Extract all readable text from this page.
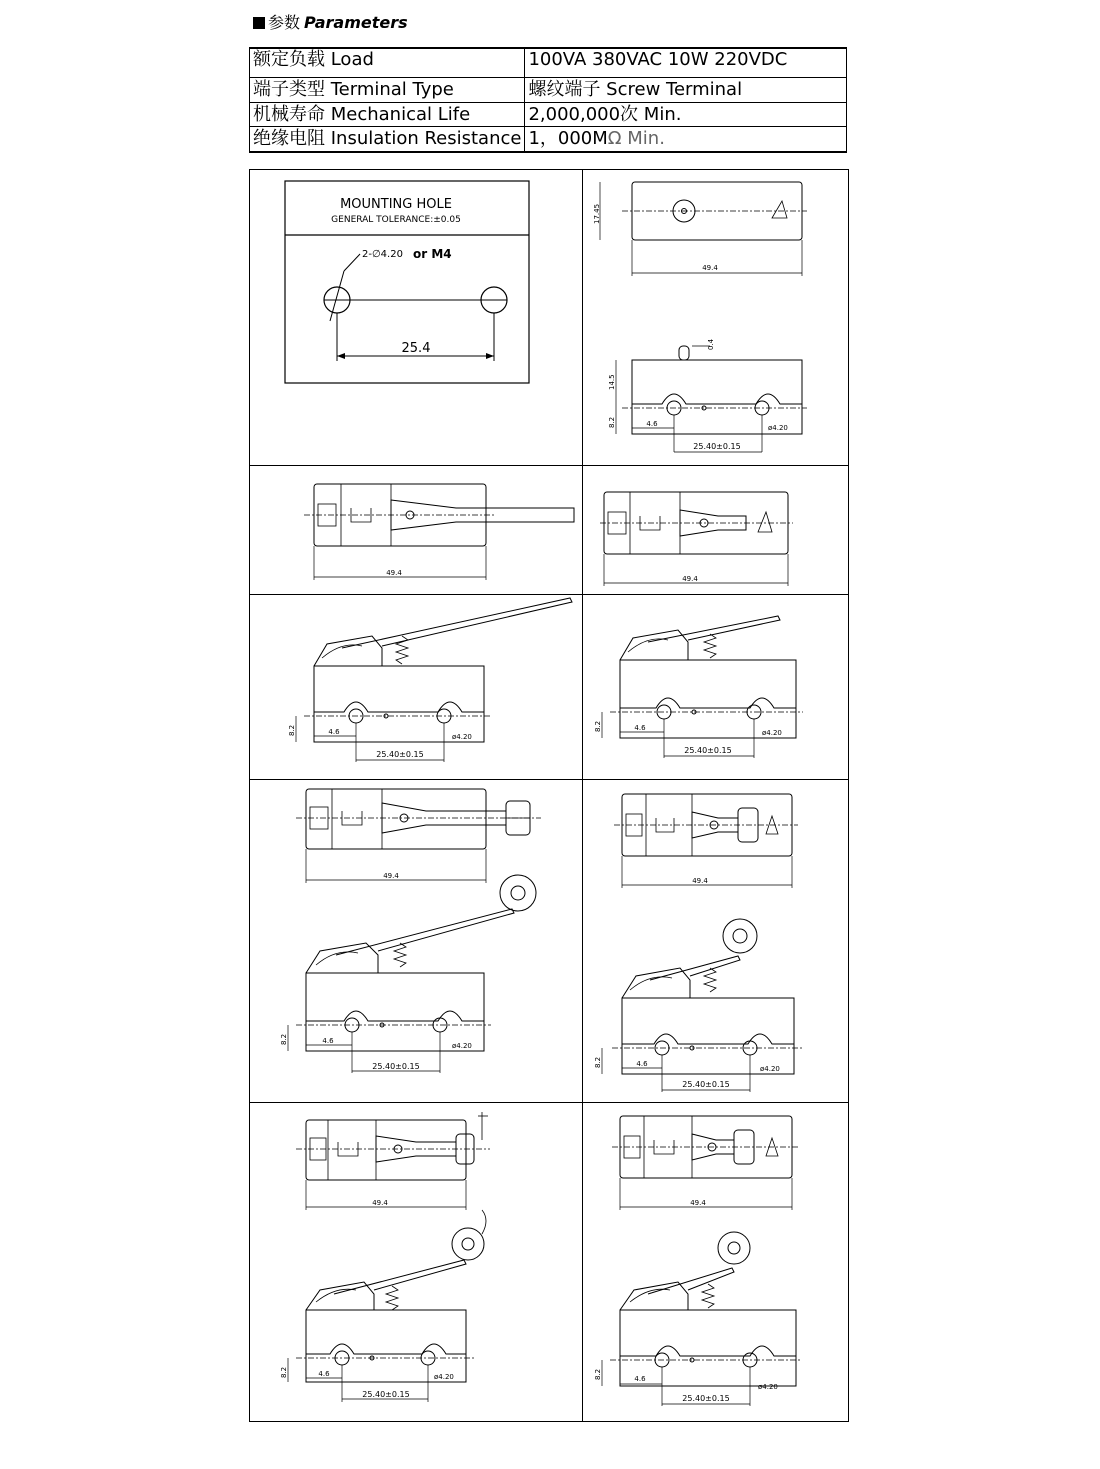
参数 Parameters
额定负载 Load	100VA 380VAC 10W 220VDC
端子类型 Terminal Type	螺纹端子 Screw Terminal
机械寿命 Mechanical Life	2,000,000次 Min.
绝缘电阻 Insulation Resistance	1，000MΩ Min.
MOUNTING HOLE
GENERAL TOLERANCE:±0.05
2-∅4.20 or M4
25.4
17.45
49.4
0.4
14.5
8.2	4.6
25.40±0.15
ø4.20
49.4
49.4
8.2	4.6
25.40±0.15
ø4.20
8.2	4.6
25.40±0.15
ø4.20
49.4
8.2	4.6
25.40±0.15
ø4.20
49.4
8.2	4.6
25.40±0.15
ø4.20
49.4
8.2	4.6
25.40±0.15
ø4.20
49.4
8.2	4.6
25.40±0.15
ø4.20
